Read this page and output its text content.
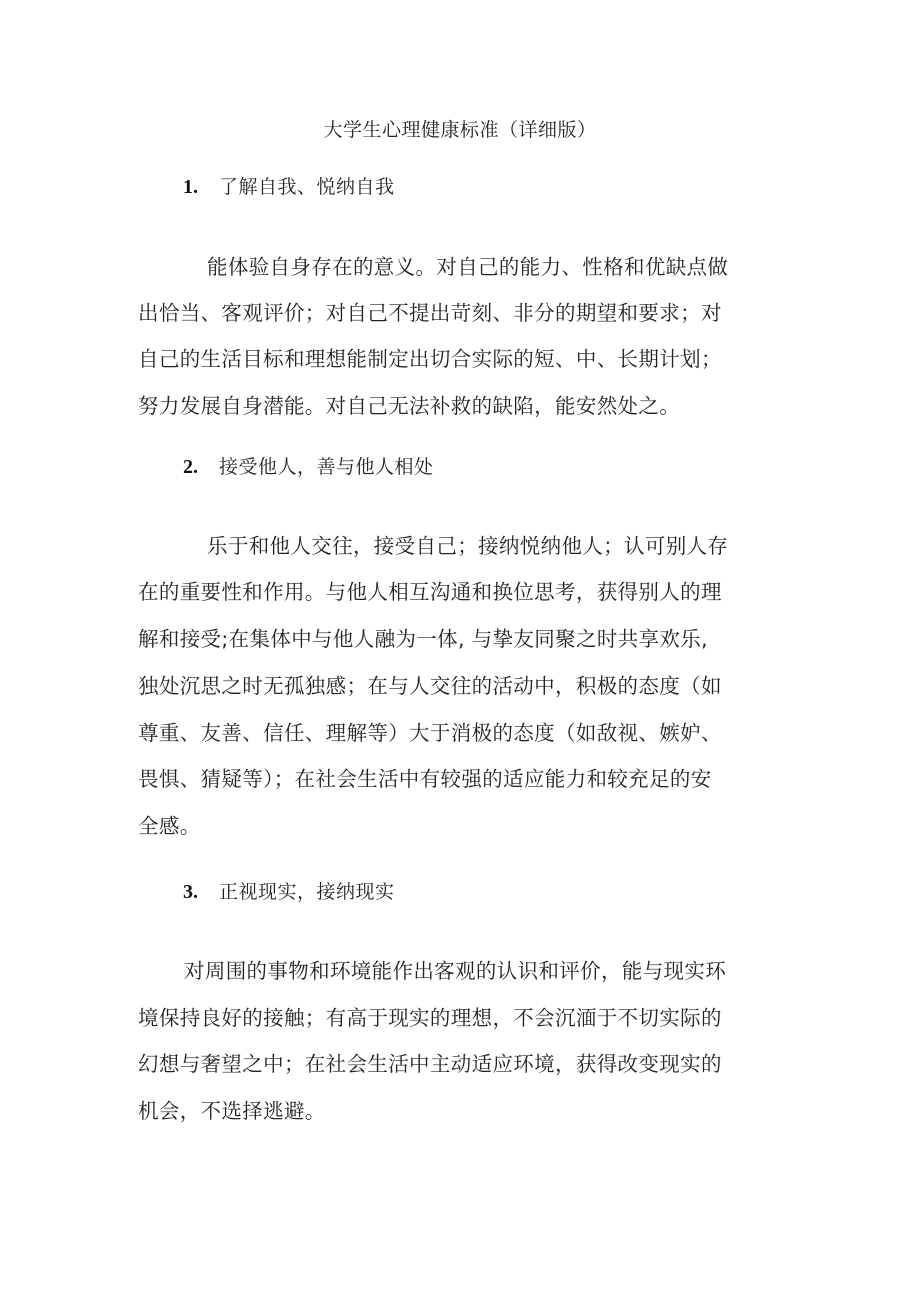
大学生心理健康标准（详细版）
1. 了解自我、悦纳自我
能体验自身存在的意义。对自己的能力、性格和优缺点做
出恰当、客观评价；对自己不提出苛刻、非分的期望和要求；对
自己的生活目标和理想能制定出切合实际的短、中、长期计划；
努力发展自身潜能。对自己无法补救的缺陷，能安然处之。
2. 接受他人，善与他人相处
乐于和他人交往，接受自己；接纳悦纳他人；认可别人存
在的重要性和作用。与他人相互沟通和换位思考，获得别人的理
解和接受;在集体中与他人融为一体, 与挚友同聚之时共享欢乐,
独处沉思之时无孤独感；在与人交往的活动中，积极的态度（如
尊重、友善、信任、理解等）大于消极的态度（如敌视、嫉妒、
畏惧、猜疑等）；在社会生活中有较强的适应能力和较充足的安
全感。
3. 正视现实，接纳现实
对周围的事物和环境能作出客观的认识和评价，能与现实环
境保持良好的接触；有高于现实的理想，不会沉湎于不切实际的
幻想与奢望之中；在社会生活中主动适应环境，获得改变现实的
机会，不选择逃避。
